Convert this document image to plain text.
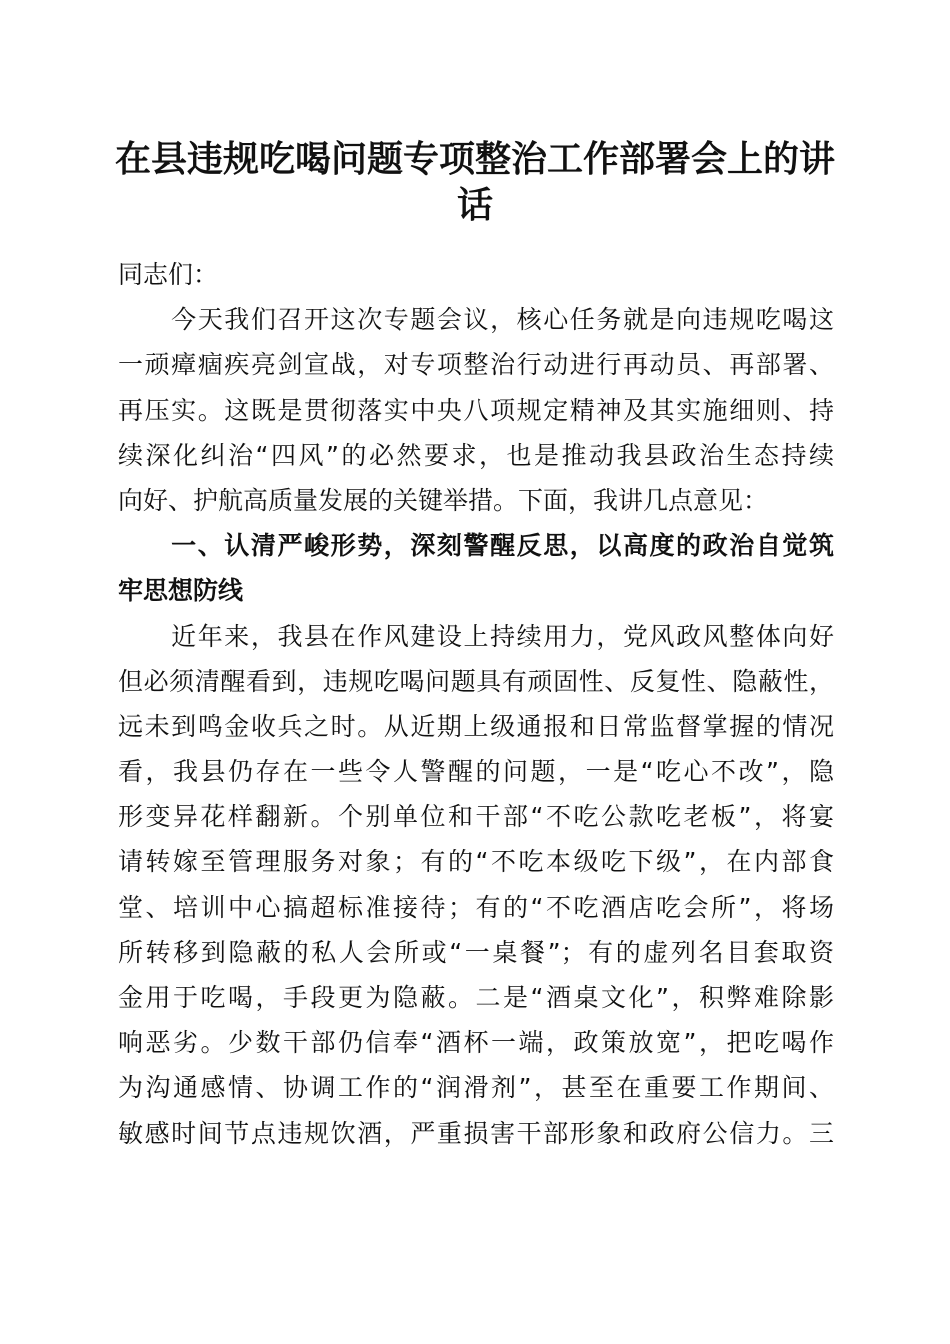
在县违规吃喝问题专项整治工作部署会上的讲
话
同志们：
　　今天我们召开这次专题会议，核心任务就是向违规吃喝这
一顽瘴痼疾亮剑宣战，对专项整治行动进行再动员、再部署、
再压实。这既是贯彻落实中央八项规定精神及其实施细则、持
续深化纠治“四风”的必然要求，也是推动我县政治生态持续
向好、护航高质量发展的关键举措。下面，我讲几点意见：
　　一、认清严峻形势，深刻警醒反思，以高度的政治自觉筑
牢思想防线
　　近年来，我县在作风建设上持续用力，党风政风整体向好
但必须清醒看到，违规吃喝问题具有顽固性、反复性、隐蔽性，
远未到鸣金收兵之时。从近期上级通报和日常监督掌握的情况
看，我县仍存在一些令人警醒的问题，一是“吃心不改”，隐
形变异花样翻新。个别单位和干部“不吃公款吃老板”，将宴
请转嫁至管理服务对象；有的“不吃本级吃下级”，在内部食
堂、培训中心搞超标准接待；有的“不吃酒店吃会所”，将场
所转移到隐蔽的私人会所或“一桌餐”；有的虚列名目套取资
金用于吃喝，手段更为隐蔽。二是“酒桌文化”，积弊难除影
响恶劣。少数干部仍信奉“酒杯一端，政策放宽”，把吃喝作
为沟通感情、协调工作的“润滑剂”，甚至在重要工作期间、
敏感时间节点违规饮酒，严重损害干部形象和政府公信力。三
